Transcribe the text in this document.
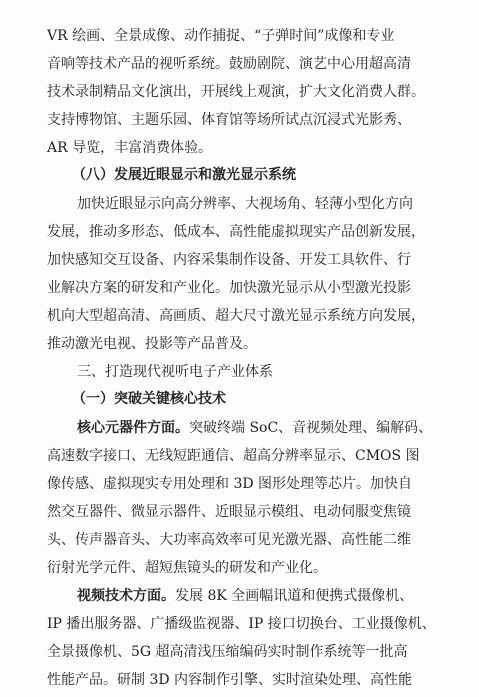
VR 绘画、全景成像、动作捕捉、“子弹时间”成像和专业
音响等技术产品的视听系统。鼓励剧院、演艺中心用超高清
技术录制精品文化演出，开展线上观演，扩大文化消费人群。
支持博物馆、主题乐园、体育馆等场所试点沉浸式光影秀、
AR 导览，丰富消费体验。
（八）发展近眼显示和激光显示系统
加快近眼显示向高分辨率、大视场角、轻薄小型化方向
发展，推动多形态、低成本、高性能虚拟现实产品创新发展，
加快感知交互设备、内容采集制作设备、开发工具软件、行
业解决方案的研发和产业化。加快激光显示从小型激光投影
机向大型超高清、高画质、超大尺寸激光显示系统方向发展，
推动激光电视、投影等产品普及。
三、打造现代视听电子产业体系
（一）突破关键核心技术
核心元器件方面。突破终端 SoC、音视频处理、编解码、
高速数字接口、无线短距通信、超高分辨率显示、CMOS 图
像传感、虚拟现实专用处理和 3D 图形处理等芯片。加快自
然交互器件、微显示器件、近眼显示模组、电动伺服变焦镜
头、传声器音头、大功率高效率可见光激光器、高性能二维
衍射光学元件、超短焦镜头的研发和产业化。
视频技术方面。发展 8K 全画幅讯道和便携式摄像机、
IP 播出服务器、广播级监视器、IP 接口切换台、工业摄像机、
全景摄像机、5G 超高清浅压缩编码实时制作系统等一批高
性能产品。研制 3D 内容制作引擎、实时渲染处理、高性能
